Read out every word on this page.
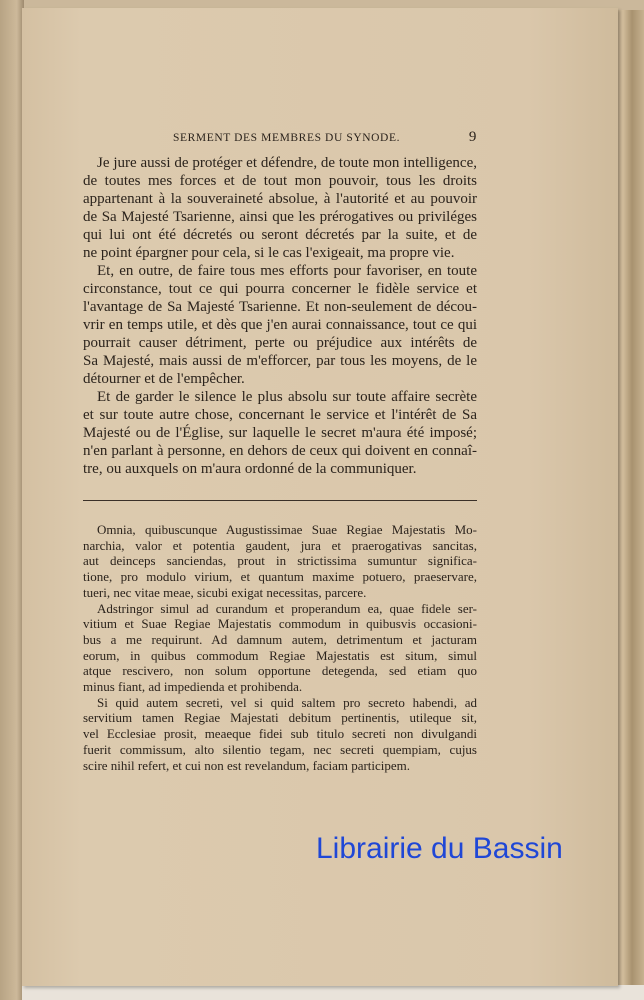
SERMENT DES MEMBRES DU SYNODE.	9
Je jure aussi de protéger et défendre, de toute mon intelligence,
de toutes mes forces et de tout mon pouvoir, tous les droits
appartenant à la souveraineté absolue, à l'autorité et au pouvoir
de Sa Majesté Tsarienne, ainsi que les prérogatives ou priviléges
qui lui ont été décretés ou seront décretés par la suite, et de
ne point épargner pour cela, si le cas l'exigeait, ma propre vie.
Et, en outre, de faire tous mes efforts pour favoriser, en toute
circonstance, tout ce qui pourra concerner le fidèle service et
l'avantage de Sa Majesté Tsarienne. Et non-seulement de décou-
vrir en temps utile, et dès que j'en aurai connaissance, tout ce qui
pourrait causer détriment, perte ou préjudice aux intérêts de
Sa Majesté, mais aussi de m'efforcer, par tous les moyens, de le
détourner et de l'empêcher.
Et de garder le silence le plus absolu sur toute affaire secrète
et sur toute autre chose, concernant le service et l'intérêt de Sa
Majesté ou de l'Église, sur laquelle le secret m'aura été imposé;
n'en parlant à personne, en dehors de ceux qui doivent en connaî-
tre, ou auxquels on m'aura ordonné de la communiquer.
Omnia, quibuscunque Augustissimae Suae Regiae Majestatis Mo-
narchia, valor et potentia gaudent, jura et praerogativas sancitas,
aut deinceps sanciendas, prout in strictissima sumuntur significa-
tione, pro modulo virium, et quantum maxime potuero, praeservare,
tueri, nec vitae meae, sicubi exigat necessitas, parcere.
Adstringor simul ad curandum et properandum ea, quae fidele ser-
vitium et Suae Regiae Majestatis commodum in quibusvis occasioni-
bus a me requirunt. Ad damnum autem, detrimentum et jacturam
eorum, in quibus commodum Regiae Majestatis est situm, simul
atque rescivero, non solum opportune detegenda, sed etiam quo
minus fiant, ad impedienda et prohibenda.
Si quid autem secreti, vel si quid saltem pro secreto habendi, ad
servitium tamen Regiae Majestati debitum pertinentis, utileque sit,
vel Ecclesiae prosit, meaeque fidei sub titulo secreti non divulgandi
fuerit commissum, alto silentio tegam, nec secreti quempiam, cujus
scire nihil refert, et cui non est revelandum, faciam participem.
Librairie du Bassin
